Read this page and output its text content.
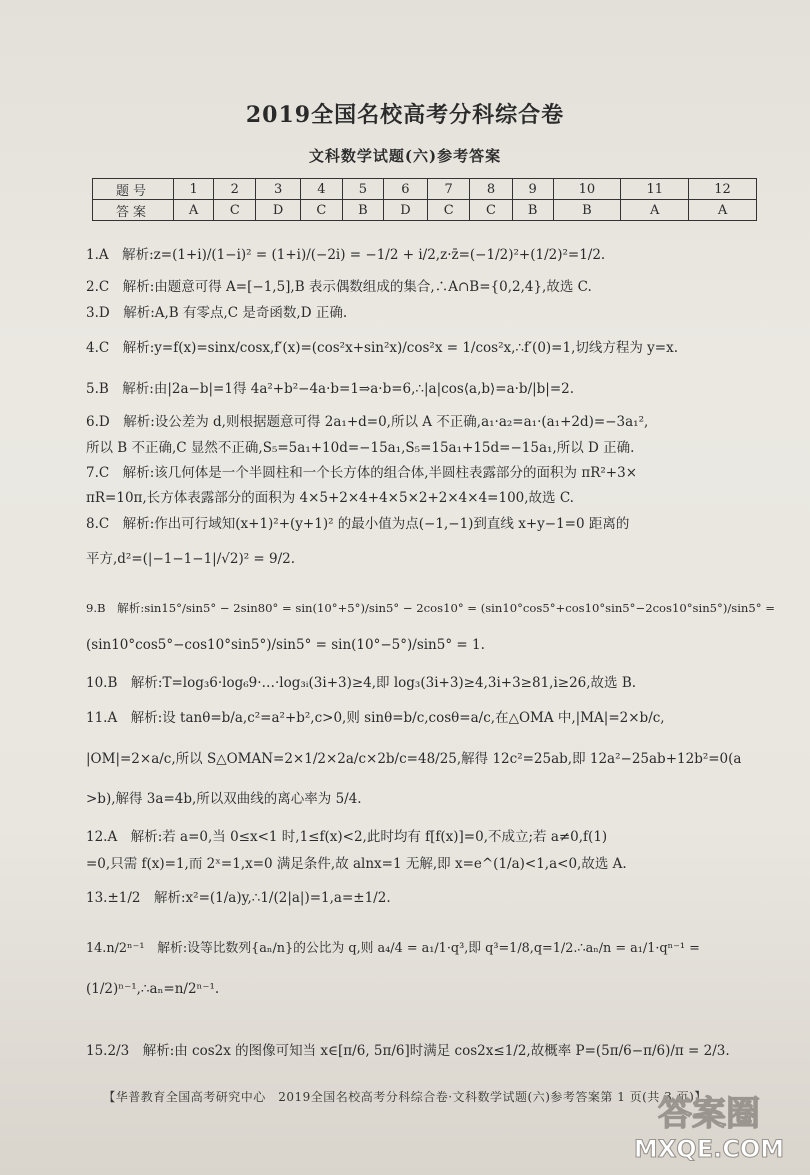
2019全国名校高考分科综合卷
文科数学试题(六)参考答案
题号	1	2	3	4	5	6	7	8	9	10	11	12
答案	A	C	D	C	B	D	C	C	B	B	A	A
1.A　解析:z=(1+i)/(1−i)² = (1+i)/(−2i) = −1/2 + i/2,z·z̄=(−1/2)²+(1/2)²=1/2.
2.C　解析:由题意可得 A=[−1,5],B 表示偶数组成的集合,∴A∩B={0,2,4},故选 C.
3.D　解析:A,B 有零点,C 是奇函数,D 正确.
4.C　解析:y=f(x)=sinx/cosx,f′(x)=(cos²x+sin²x)/cos²x = 1/cos²x,∴f′(0)=1,切线方程为 y=x.
5.B　解析:由|2a−b|=1得 4a²+b²−4a·b=1⇒a·b=6,∴|a|cos⟨a,b⟩=a·b/|b|=2.
6.D　解析:设公差为 d,则根据题意可得 2a₁+d=0,所以 A 不正确,a₁·a₂=a₁·(a₁+2d)=−3a₁²,
所以 B 不正确,C 显然不正确,S₅=5a₁+10d=−15a₁,S₅=15a₁+15d=−15a₁,所以 D 正确.
7.C　解析:该几何体是一个半圆柱和一个长方体的组合体,半圆柱表露部分的面积为 πR²+3×
πR=10π,长方体表露部分的面积为 4×5+2×4+4×5×2+2×4×4=100,故选 C.
8.C　解析:作出可行域知(x+1)²+(y+1)² 的最小值为点(−1,−1)到直线 x+y−1=0 距离的
平方,d²=(|−1−1−1|/√2)² = 9/2.
9.B　解析:sin15°/sin5° − 2sin80° = sin(10°+5°)/sin5° − 2cos10° = (sin10°cos5°+cos10°sin5°−2cos10°sin5°)/sin5° =
(sin10°cos5°−cos10°sin5°)/sin5° = sin(10°−5°)/sin5° = 1.
10.B　解析:T=log₃6·log₆9·…·log₃ᵢ(3i+3)≥4,即 log₃(3i+3)≥4,3i+3≥81,i≥26,故选 B.
11.A　解析:设 tanθ=b/a,c²=a²+b²,c>0,则 sinθ=b/c,cosθ=a/c,在△OMA 中,|MA|=2×b/c,
|OM|=2×a/c,所以 S△OMAN=2×1/2×2a/c×2b/c=48/25,解得 12c²=25ab,即 12a²−25ab+12b²=0(a
>b),解得 3a=4b,所以双曲线的离心率为 5/4.
12.A　解析:若 a=0,当 0≤x<1 时,1≤f(x)<2,此时均有 f[f(x)]=0,不成立;若 a≠0,f(1)
=0,只需 f(x)=1,而 2ˣ=1,x=0 满足条件,故 alnx=1 无解,即 x=e^(1/a)<1,a<0,故选 A.
13.±1/2　解析:x²=(1/a)y,∴1/(2|a|)=1,a=±1/2.
14.n/2ⁿ⁻¹　解析:设等比数列{aₙ/n}的公比为 q,则 a₄/4 = a₁/1·q³,即 q³=1/8,q=1/2.∴aₙ/n = a₁/1·qⁿ⁻¹ =
(1/2)ⁿ⁻¹,∴aₙ=n/2ⁿ⁻¹.
15.2/3　解析:由 cos2x 的图像可知当 x∈[π/6, 5π/6]时满足 cos2x≤1/2,故概率 P=(5π/6−π/6)/π = 2/3.
【华普教育全国高考研究中心　2019全国名校高考分科综合卷·文科数学试题(六)参考答案第 1 页(共 3 页)】
答案圈
MXQE.COM
